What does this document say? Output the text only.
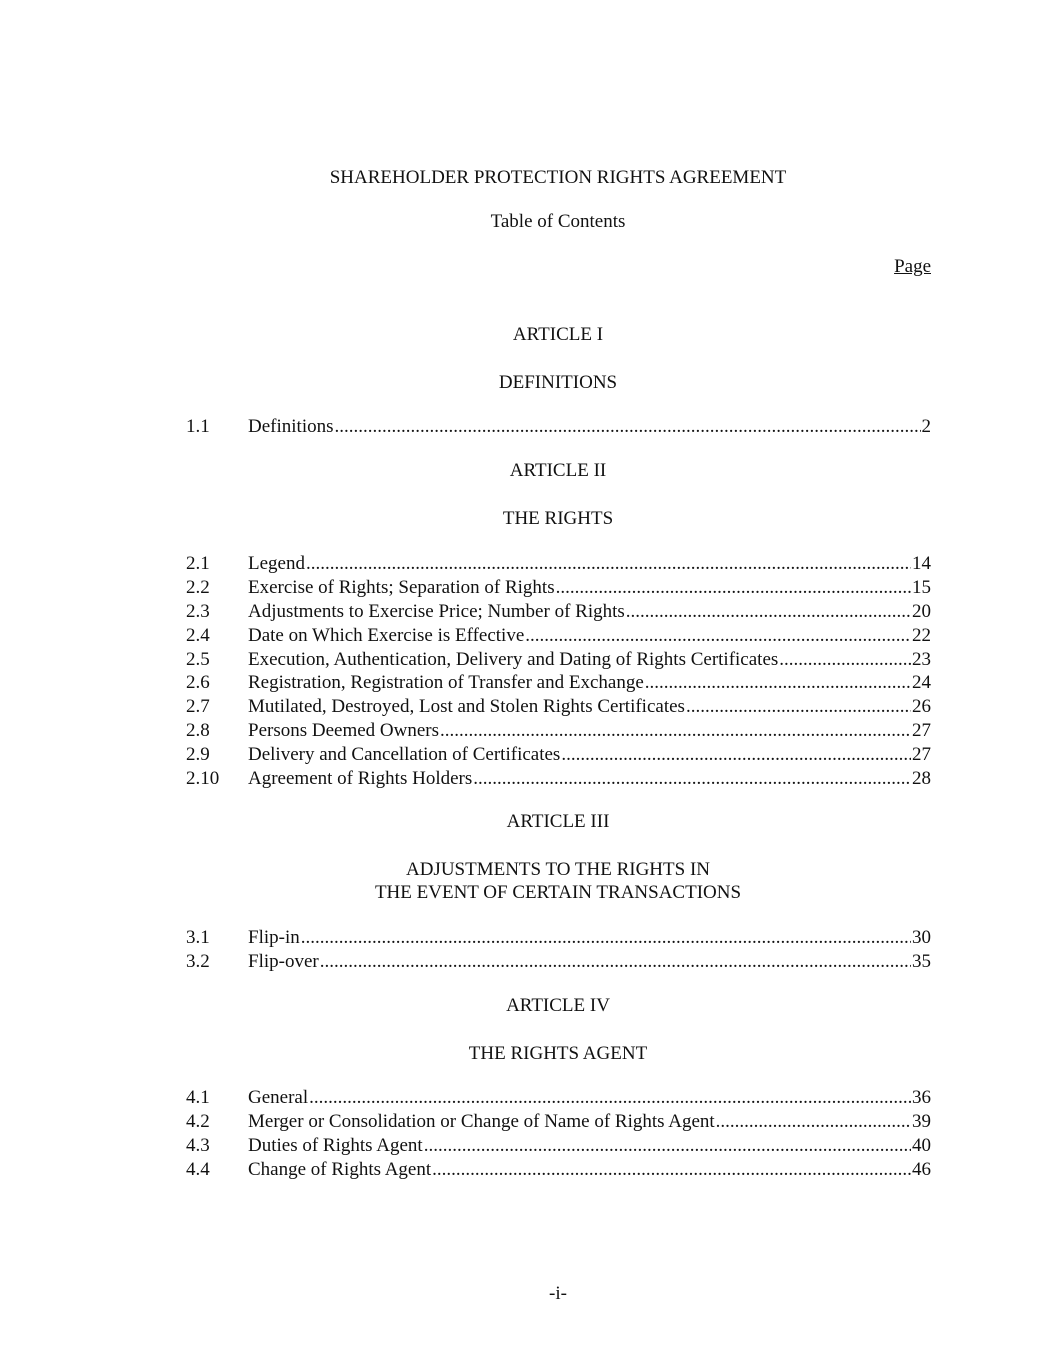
SHAREHOLDER PROTECTION RIGHTS AGREEMENT
Table of Contents
Page
ARTICLE I
DEFINITIONS
1.1 Definitions .....	2
ARTICLE II
THE RIGHTS
2.1 Legend .....	14
2.2 Exercise of Rights; Separation of Rights .....	15
2.3 Adjustments to Exercise Price; Number of Rights .....	20
2.4 Date on Which Exercise is Effective .....	22
2.5 Execution, Authentication, Delivery and Dating of Rights Certificates .....	23
2.6 Registration, Registration of Transfer and Exchange .....	24
2.7 Mutilated, Destroyed, Lost and Stolen Rights Certificates .....	26
2.8 Persons Deemed Owners .....	27
2.9 Delivery and Cancellation of Certificates .....	27
2.10 Agreement of Rights Holders .....	28
ARTICLE III
ADJUSTMENTS TO THE RIGHTS IN
THE EVENT OF CERTAIN TRANSACTIONS
3.1 Flip-in .....	30
3.2 Flip-over .....	35
ARTICLE IV
THE RIGHTS AGENT
4.1 General .....	36
4.2 Merger or Consolidation or Change of Name of Rights Agent .....	39
4.3 Duties of Rights Agent .....	40
4.4 Change of Rights Agent .....	46
-i-
